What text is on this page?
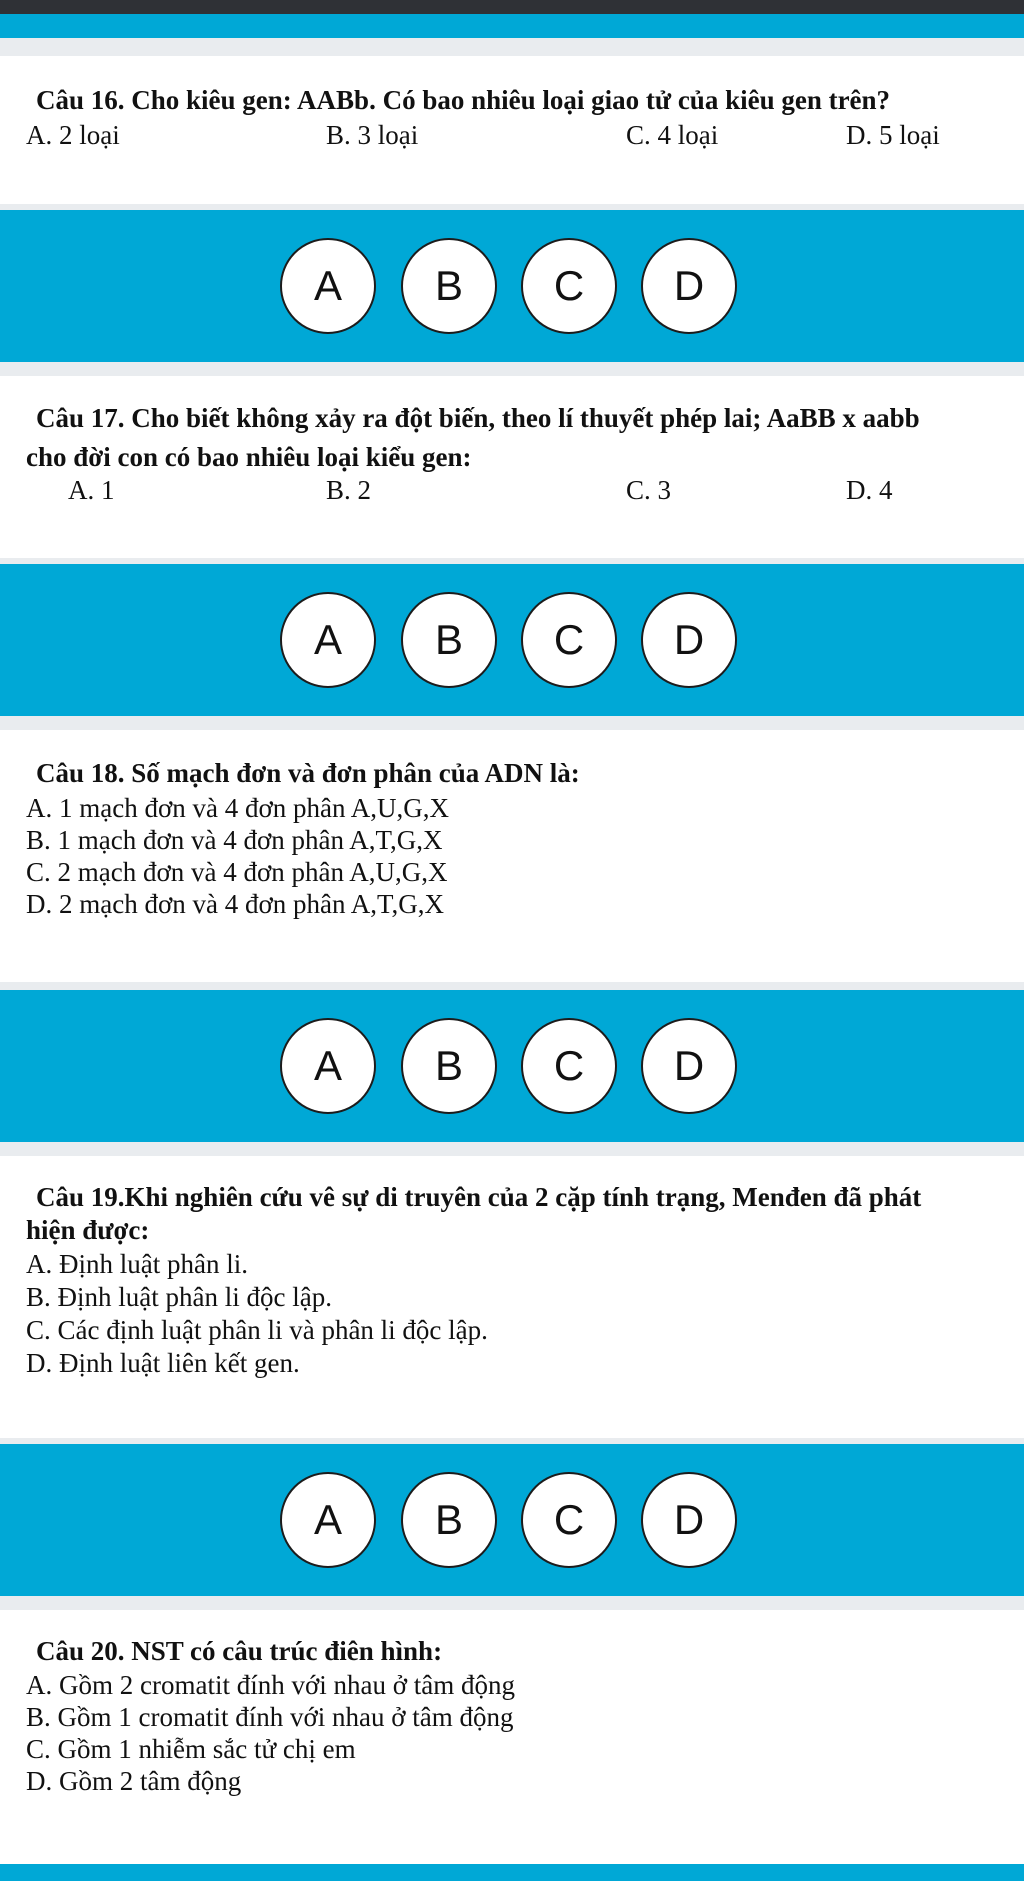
Câu 16. Cho kiêu gen: AABb. Có bao nhiêu loại giao tử của kiêu gen trên?
A. 2 loại	B. 3 loại	C. 4 loại	D. 5 loại
A	B	C	D
Câu 17. Cho biết không xảy ra đột biến, theo lí thuyết phép lai; AaBB x aabb
cho đời con có bao nhiêu loại kiểu gen:
A. 1	B. 2	C. 3	D. 4
A	B	C	D
Câu 18. Số mạch đơn và đơn phân của ADN là:
A. 1 mạch đơn và 4 đơn phân A,U,G,X
B. 1 mạch đơn và 4 đơn phân A,T,G,X
C. 2 mạch đơn và 4 đơn phân A,U,G,X
D. 2 mạch đơn và 4 đơn phân A,T,G,X
A	B	C	D
Câu 19.Khi nghiên cứu vê sự di truyên của 2 cặp tính trạng, Menđen đã phát
hiện được:
A. Định luật phân li.
B. Định luật phân li độc lập.
C. Các định luật phân li và phân li độc lập.
D. Định luật liên kết gen.
A	B	C	D
Câu 20. NST có câu trúc điên hình:
A. Gồm 2 cromatit đính với nhau ở tâm động
B. Gồm 1 cromatit đính với nhau ở tâm động
C. Gồm 1 nhiễm sắc tử chị em
D. Gồm 2 tâm động
